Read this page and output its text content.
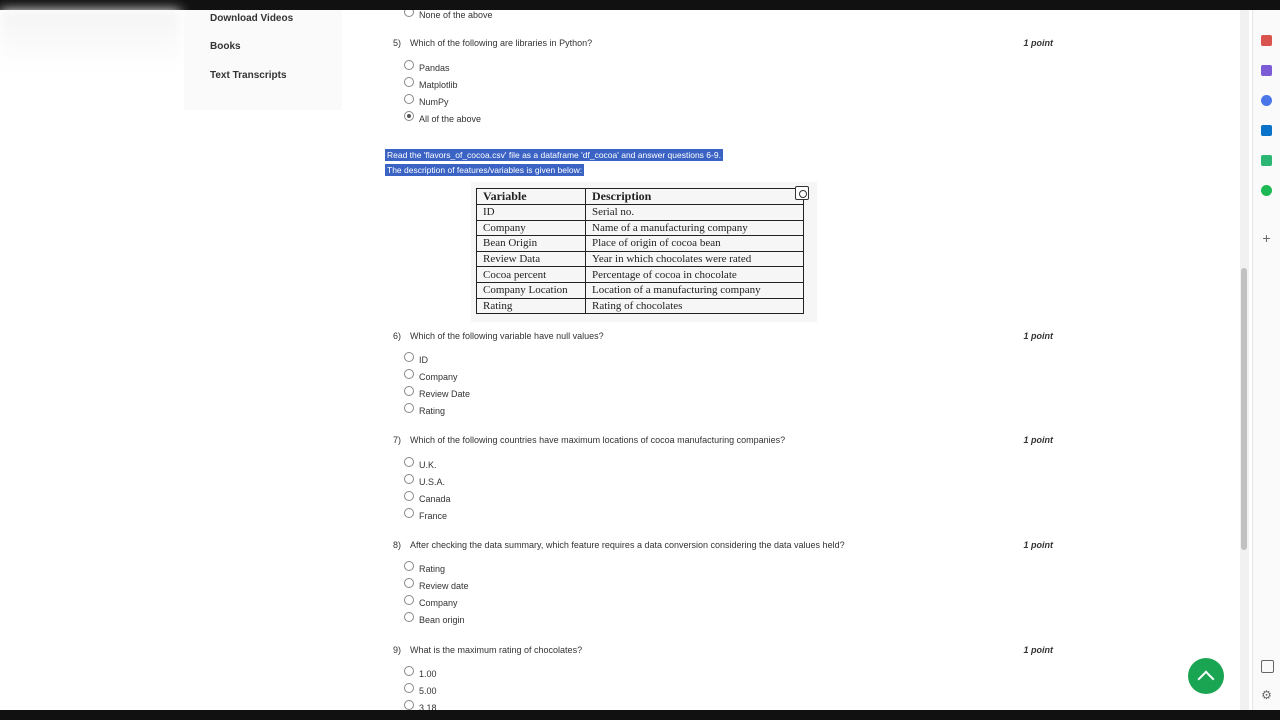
Download Videos
Books
Text Transcripts
None of the above
5) Which of the following are libraries in Python?	1 point
Pandas
Matplotlib
NumPy
All of the above
Read the 'flavors_of_cocoa.csv' file as a dataframe 'df_cocoa' and answer questions 6-9.
The description of features/variables is given below:
Variable	Description
ID	Serial no.
Company	Name of a manufacturing company
Bean Origin	Place of origin of cocoa bean
Review Data	Year in which chocolates were rated
Cocoa percent	Percentage of cocoa in chocolate
Company Location	Location of a manufacturing company
Rating	Rating of chocolates
6) Which of the following variable have null values?	1 point
ID
Company
Review Date
Rating
7) Which of the following countries have maximum locations of cocoa manufacturing companies?	1 point
U.K.
U.S.A.
Canada
France
8) After checking the data summary, which feature requires a data conversion considering the data values held?	1 point
Rating
Review date
Company
Bean origin
9) What is the maximum rating of chocolates?	1 point
1.00
5.00
3.18
+
⚙
